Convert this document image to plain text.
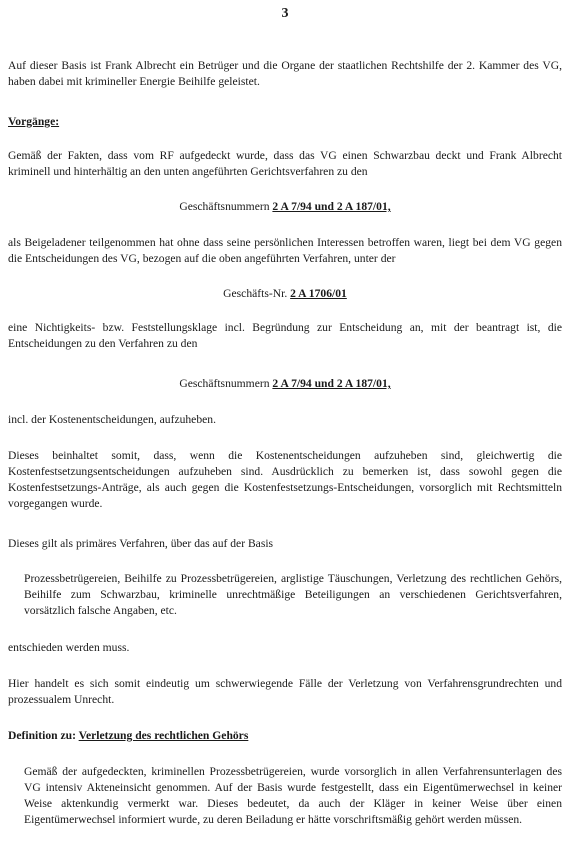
3

Auf dieser Basis ist Frank Albrecht ein Betrüger und die Organe der staatlichen Rechtshilfe der 2. Kammer des VG, haben dabei mit krimineller Energie Beihilfe geleistet.

Vorgänge:

Gemäß der Fakten, dass vom RF aufgedeckt wurde, dass das VG einen Schwarzbau deckt und Frank Albrecht kriminell und hinterhältig an den unten angeführten Gerichtsverfahren zu den

Geschäftsnummern 2 A 7/94 und 2 A 187/01,

als Beigeladener teilgenommen hat ohne dass seine persönlichen Interessen betroffen waren, liegt bei dem VG gegen die Entscheidungen des VG, bezogen auf die oben angeführten Verfahren, unter der

Geschäfts-Nr. 2 A 1706/01

eine Nichtigkeits- bzw. Feststellungsklage incl. Begründung zur Entscheidung an, mit der beantragt ist, die Entscheidungen zu den Verfahren zu den

Geschäftsnummern 2 A 7/94 und 2 A 187/01,

incl. der Kostenentscheidungen, aufzuheben.

Dieses beinhaltet somit, dass, wenn die Kostenentscheidungen aufzuheben sind, gleichwertig die Kostenfestsetzungsentscheidungen aufzuheben sind. Ausdrücklich zu bemerken ist, dass sowohl gegen die Kostenfestsetzungs-Anträge, als auch gegen die Kostenfestsetzungs-Entscheidungen, vorsorglich mit Rechtsmitteln vorgegangen wurde.

Dieses gilt als primäres Verfahren, über das auf der Basis

Prozessbetrügereien, Beihilfe zu Prozessbetrügereien, arglistige Täuschungen, Verletzung des rechtlichen Gehörs, Beihilfe zum Schwarzbau, kriminelle unrechtmäßige Beteiligungen an verschiedenen Gerichtsverfahren, vorsätzlich falsche Angaben, etc.

entschieden werden muss.

Hier handelt es sich somit eindeutig um schwerwiegende Fälle der Verletzung von Verfahrensgrundrechten und prozessualem Unrecht.

Definition zu: Verletzung des rechtlichen Gehörs

Gemäß der aufgedeckten, kriminellen Prozessbetrügereien, wurde vorsorglich in allen Verfahrensunterlagen des VG intensiv Akteneinsicht genommen. Auf der Basis wurde festgestellt, dass ein Eigentümerwechsel in keiner Weise aktenkundig vermerkt war. Dieses bedeutet, da auch der Kläger in keiner Weise über einen Eigentümerwechsel informiert wurde, zu deren Beiladung er hätte vorschriftsmäßig gehört werden müssen.
